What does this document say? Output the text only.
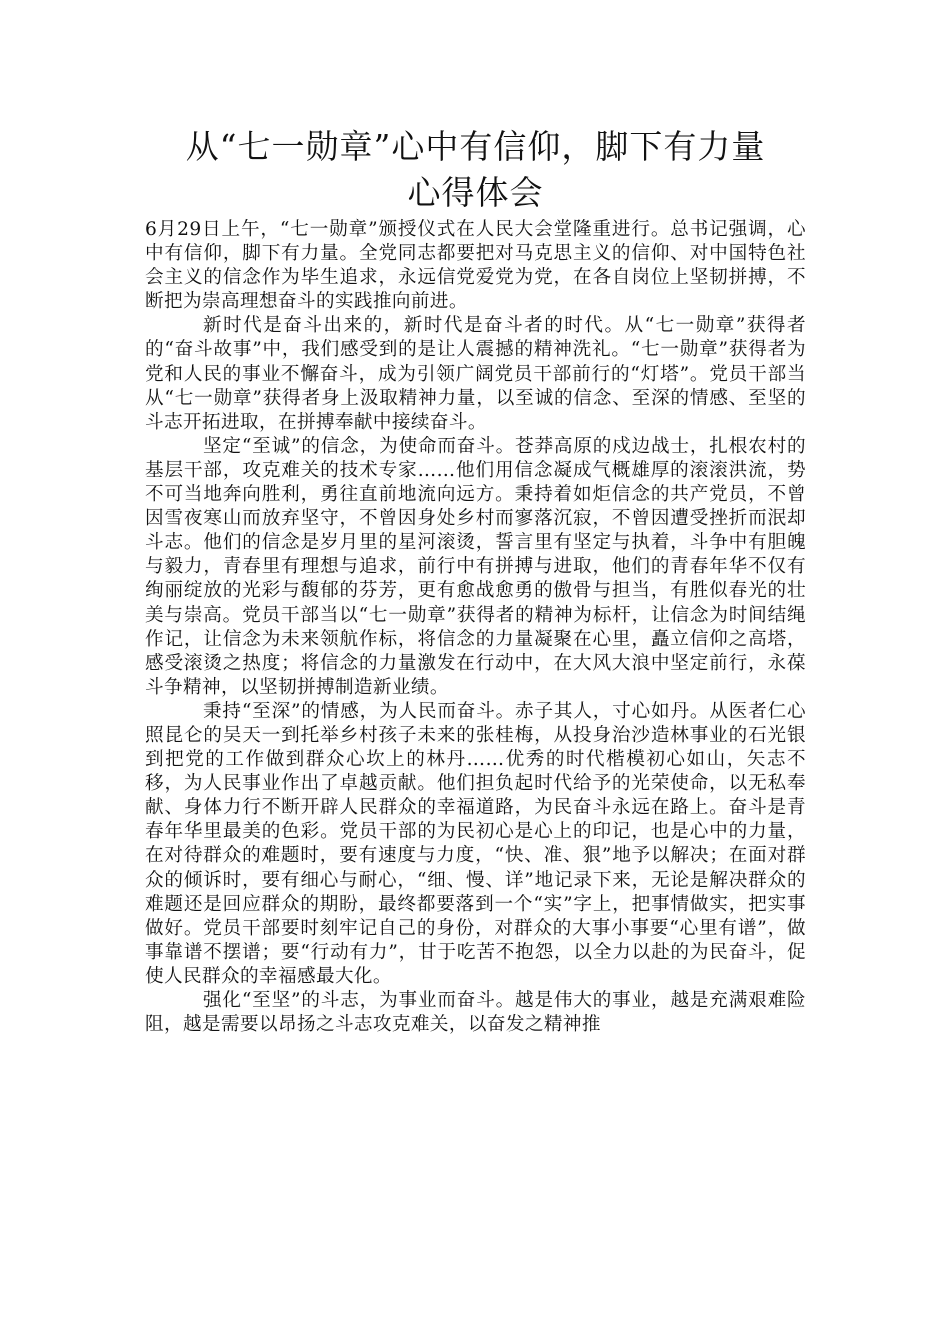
从“七一勋章”心中有信仰，脚下有力量
心得体会

6月29日上午，“七一勋章”颁授仪式在人民大会堂隆重进行。总书记强调，心中有信仰，脚下有力量。全党同志都要把对马克思主义的信仰、对中国特色社会主义的信念作为毕生追求，永远信党爱党为党，在各自岗位上坚韧拼搏，不断把为崇高理想奋斗的实践推向前进。

新时代是奋斗出来的，新时代是奋斗者的时代。从“七一勋章”获得者的“奋斗故事”中，我们感受到的是让人震撼的精神洗礼。“七一勋章”获得者为党和人民的事业不懈奋斗，成为引领广阔党员干部前行的“灯塔”。党员干部当从“七一勋章”获得者身上汲取精神力量，以至诚的信念、至深的情感、至坚的斗志开拓进取，在拼搏奉献中接续奋斗。

坚定“至诚”的信念，为使命而奋斗。苍莽高原的戍边战士，扎根农村的基层干部，攻克难关的技术专家……他们用信念凝成气概雄厚的滚滚洪流，势不可当地奔向胜利，勇往直前地流向远方。秉持着如炬信念的共产党员，不曾因雪夜寒山而放弃坚守，不曾因身处乡村而寥落沉寂，不曾因遭受挫折而泯却斗志。他们的信念是岁月里的星河滚烫，誓言里有坚定与执着，斗争中有胆魄与毅力，青春里有理想与追求，前行中有拼搏与进取，他们的青春年华不仅有绚丽绽放的光彩与馥郁的芬芳，更有愈战愈勇的傲骨与担当，有胜似春光的壮美与崇高。党员干部当以“七一勋章”获得者的精神为标杆，让信念为时间结绳作记，让信念为未来领航作标，将信念的力量凝聚在心里，矗立信仰之高塔，感受滚烫之热度；将信念的力量激发在行动中，在大风大浪中坚定前行，永葆斗争精神，以坚韧拼搏制造新业绩。

秉持“至深”的情感，为人民而奋斗。赤子其人，寸心如丹。从医者仁心照昆仑的吴天一到托举乡村孩子未来的张桂梅，从投身治沙造林事业的石光银到把党的工作做到群众心坎上的林丹……优秀的时代楷模初心如山，矢志不移，为人民事业作出了卓越贡献。他们担负起时代给予的光荣使命，以无私奉献、身体力行不断开辟人民群众的幸福道路，为民奋斗永远在路上。奋斗是青春年华里最美的色彩。党员干部的为民初心是心上的印记，也是心中的力量，在对待群众的难题时，要有速度与力度，“快、准、狠”地予以解决；在面对群众的倾诉时，要有细心与耐心，“细、慢、详”地记录下来，无论是解决群众的难题还是回应群众的期盼，最终都要落到一个“实”字上，把事情做实，把实事做好。党员干部要时刻牢记自己的身份，对群众的大事小事要“心里有谱”，做事靠谱不摆谱；要“行动有力”，甘于吃苦不抱怨，以全力以赴的为民奋斗，促使人民群众的幸福感最大化。

强化“至坚”的斗志，为事业而奋斗。越是伟大的事业，越是充满艰难险阻，越是需要以昂扬之斗志攻克难关，以奋发之精神推
